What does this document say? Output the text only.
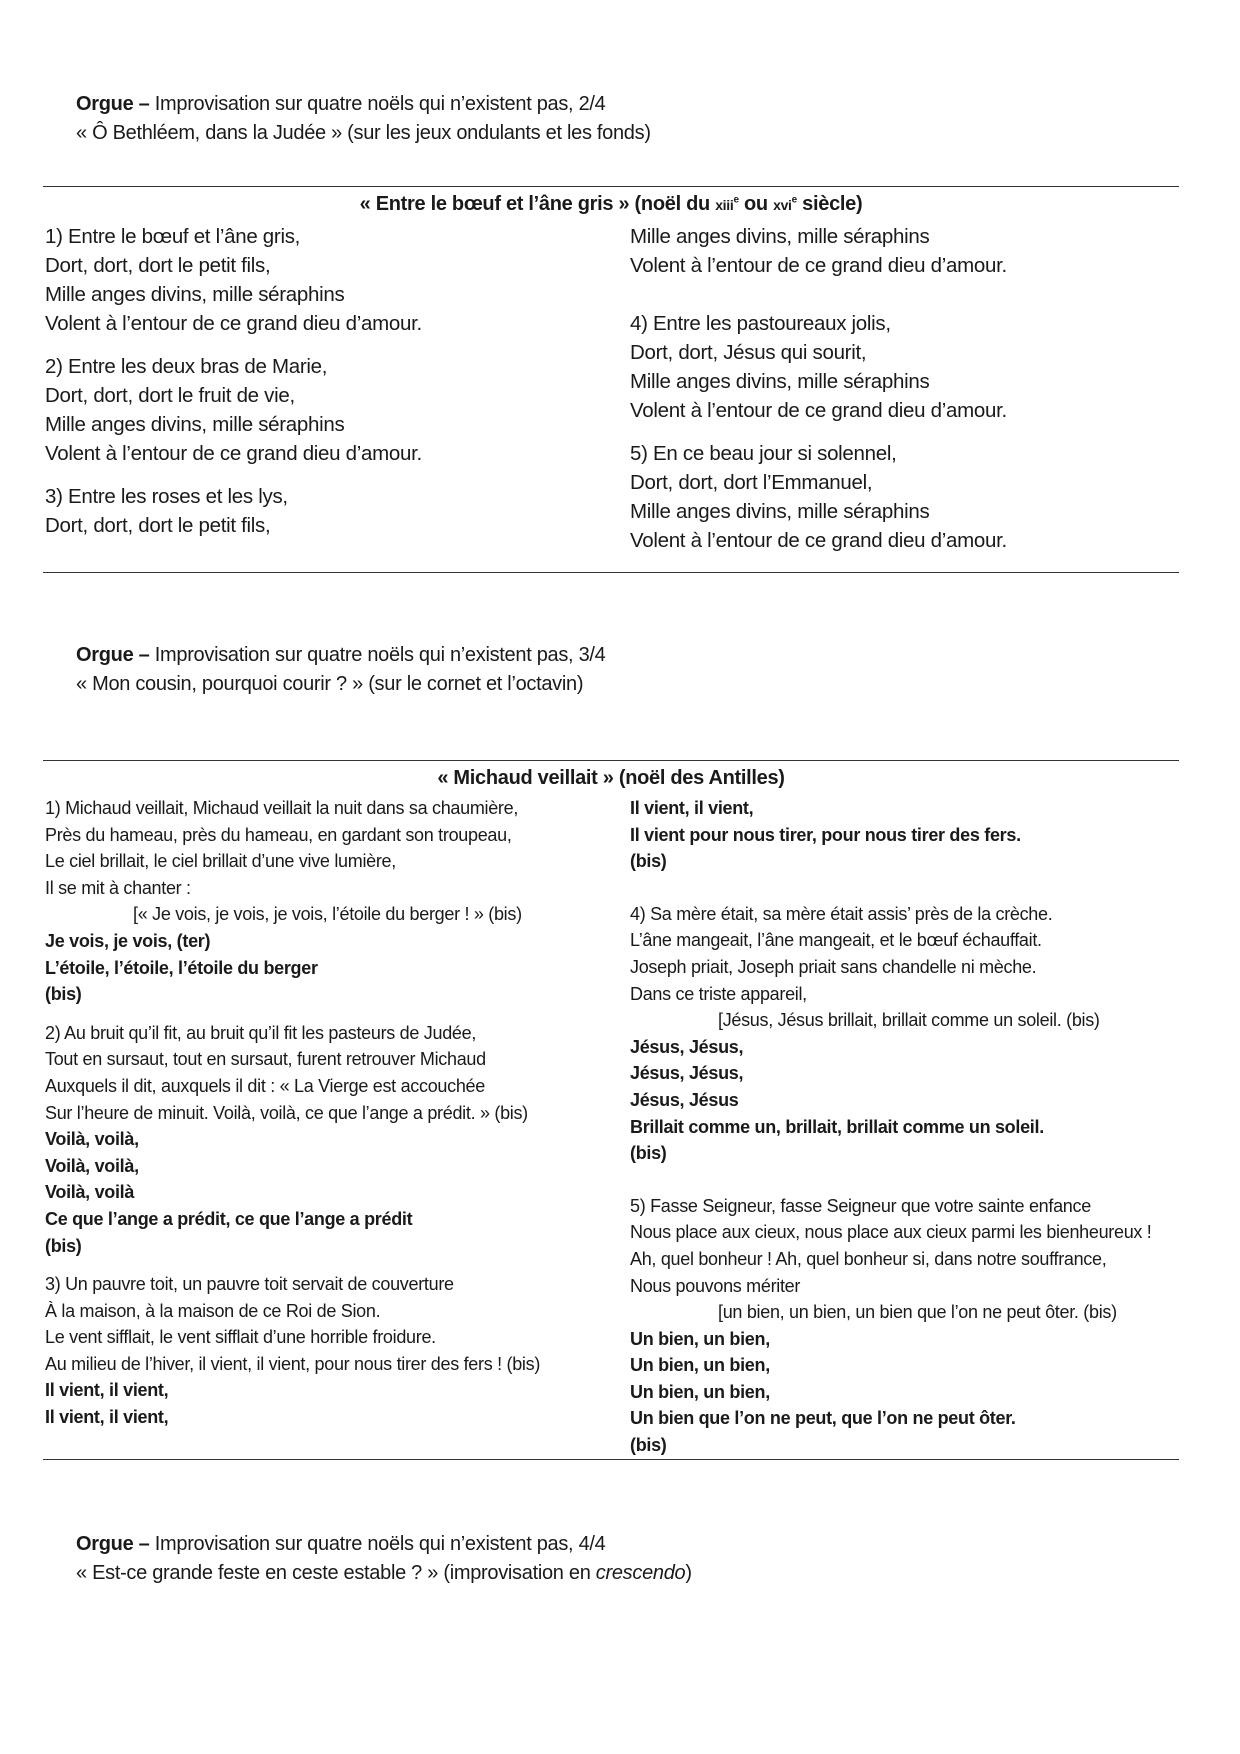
Orgue – Improvisation sur quatre noëls qui n’existent pas, 2/4
« Ô Bethléem, dans la Judée » (sur les jeux ondulants et les fonds)
« Entre le bœuf et l’âne gris » (noël du xiii$^e$ ou xvi$^e$ siècle)
1) Entre le bœuf et l’âne gris,
Dort, dort, dort le petit fils,
Mille anges divins, mille séraphins
Volent à l’entour de ce grand dieu d’amour.
2) Entre les deux bras de Marie,
Dort, dort, dort le fruit de vie,
Mille anges divins, mille séraphins
Volent à l’entour de ce grand dieu d’amour.
3) Entre les roses et les lys,
Dort, dort, dort le petit fils,
Mille anges divins, mille séraphins
Volent à l’entour de ce grand dieu d’amour.
4) Entre les pastoureaux jolis,
Dort, dort, Jésus qui sourit,
Mille anges divins, mille séraphins
Volent à l’entour de ce grand dieu d’amour.
5) En ce beau jour si solennel,
Dort, dort, dort l’Emmanuel,
Mille anges divins, mille séraphins
Volent à l’entour de ce grand dieu d’amour.
Orgue – Improvisation sur quatre noëls qui n’existent pas, 3/4
« Mon cousin, pourquoi courir ? » (sur le cornet et l’octavin)
« Michaud veillait » (noël des Antilles)
1) Michaud veillait, Michaud veillait la nuit dans sa chaumière,
Près du hameau, près du hameau, en gardant son troupeau,
Le ciel brillait, le ciel brillait d’une vive lumière,
Il se mit à chanter :
[« Je vois, je vois, je vois, l’étoile du berger ! » (bis)
Je vois, je vois, (ter)
L’étoile, l’étoile, l’étoile du berger
(bis)
2) Au bruit qu’il fit, au bruit qu’il fit les pasteurs de Judée,
Tout en sursaut, tout en sursaut, furent retrouver Michaud
Auxquels il dit, auxquels il dit : « La Vierge est accouchée
Sur l’heure de minuit. Voilà, voilà, ce que l’ange a prédit. » (bis)
Voilà, voilà,
Voilà, voilà,
Voilà, voilà
Ce que l’ange a prédit, ce que l’ange a prédit
(bis)
3) Un pauvre toit, un pauvre toit servait de couverture
À la maison, à la maison de ce Roi de Sion.
Le vent sifflait, le vent sifflait d’une horrible froidure.
Au milieu de l’hiver, il vient, il vient, pour nous tirer des fers ! (bis)
Il vient, il vient,
Il vient, il vient,
Il vient, il vient,
Il vient pour nous tirer, pour nous tirer des fers.
(bis)
4) Sa mère était, sa mère était assis’ près de la crèche.
L’âne mangeait, l’âne mangeait, et le bœuf échauffait.
Joseph priait, Joseph priait sans chandelle ni mèche.
Dans ce triste appareil,
[Jésus, Jésus brillait, brillait comme un soleil. (bis)
Jésus, Jésus,
Jésus, Jésus,
Jésus, Jésus
Brillait comme un, brillait, brillait comme un soleil.
(bis)
5) Fasse Seigneur, fasse Seigneur que votre sainte enfance
Nous place aux cieux, nous place aux cieux parmi les bienheureux !
Ah, quel bonheur ! Ah, quel bonheur si, dans notre souffrance,
Nous pouvons mériter
[un bien, un bien, un bien que l’on ne peut ôter. (bis)
Un bien, un bien,
Un bien, un bien,
Un bien, un bien,
Un bien que l’on ne peut, que l’on ne peut ôter.
(bis)
Orgue – Improvisation sur quatre noëls qui n’existent pas, 4/4
« Est-ce grande feste en ceste estable ? » (improvisation en crescendo)
